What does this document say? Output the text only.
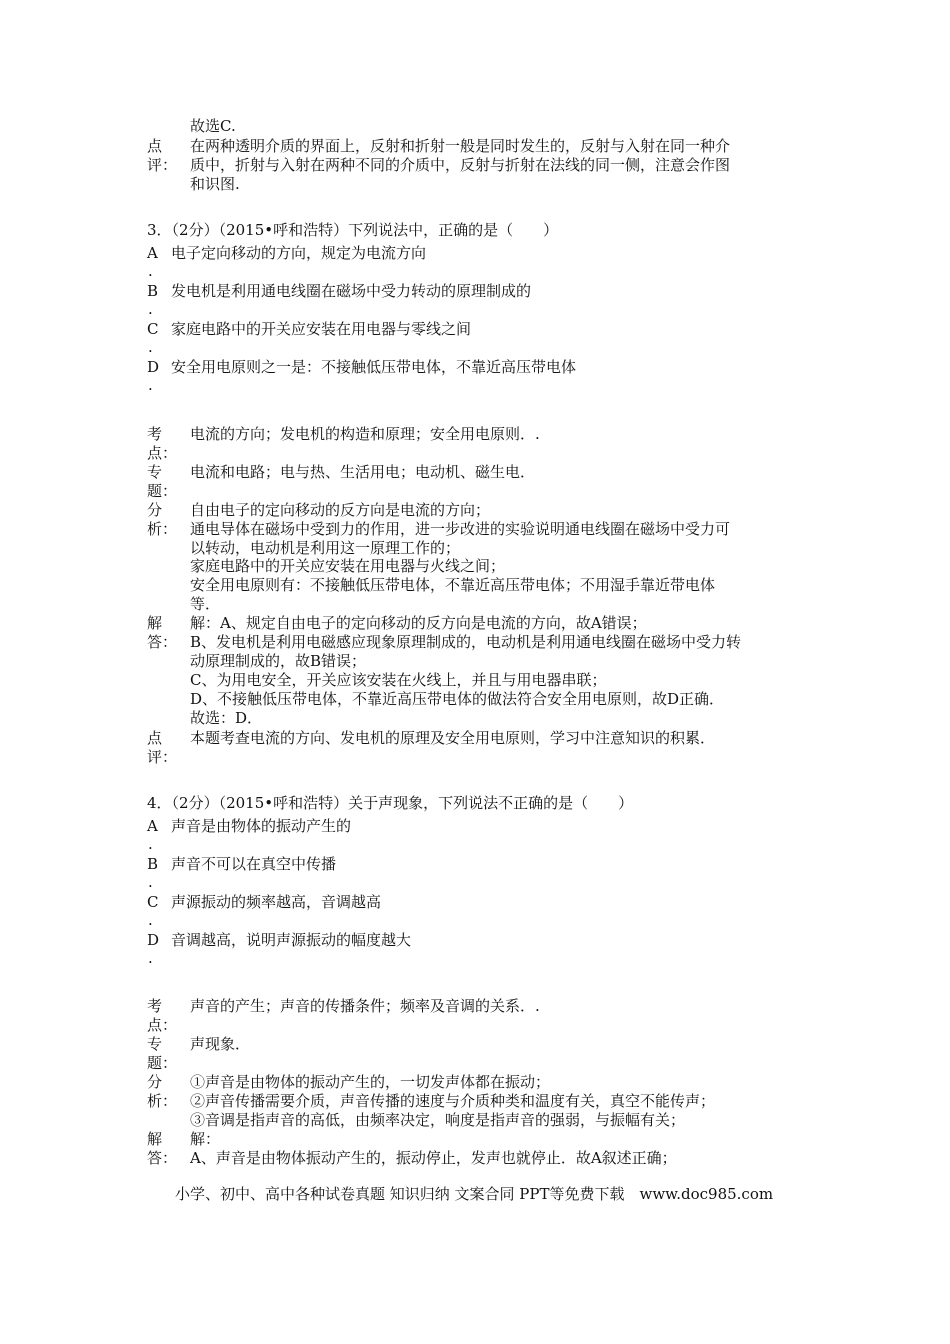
故选C.
点
评：
在两种透明介质的界面上，反射和折射一般是同时发生的，反射与入射在同一种介
质中，折射与入射在两种不同的介质中，反射与折射在法线的同一侧，注意会作图
和识图.
3．（2分）（2015•呼和浩特）下列说法中，正确的是（　　）
A 电子定向移动的方向，规定为电流方向
.
B 发电机是利用通电线圈在磁场中受力转动的原理制成的
.
C 家庭电路中的开关应安装在用电器与零线之间
.
D 安全用电原则之一是：不接触低压带电体，不靠近高压带电体
.
考
点：
电流的方向；发电机的构造和原理；安全用电原则．.
专
题：
电流和电路；电与热、生活用电；电动机、磁生电．
分
析：
自由电子的定向移动的反方向是电流的方向；
通电导体在磁场中受到力的作用，进一步改进的实验说明通电线圈在磁场中受力可
以转动，电动机是利用这一原理工作的；
家庭电路中的开关应安装在用电器与火线之间；
安全用电原则有：不接触低压带电体，不靠近高压带电体；不用湿手靠近带电体
等．
解
答：
解：A、规定自由电子的定向移动的反方向是电流的方向，故A错误；
B、发电机是利用电磁感应现象原理制成的，电动机是利用通电线圈在磁场中受力转
动原理制成的，故B错误；
C、为用电安全，开关应该安装在火线上，并且与用电器串联；
D、不接触低压带电体，不靠近高压带电体的做法符合安全用电原则，故D正确．
故选：D．
点
评：
本题考查电流的方向、发电机的原理及安全用电原则，学习中注意知识的积累．
4．（2分）（2015•呼和浩特）关于声现象，下列说法不正确的是（　　）
A 声音是由物体的振动产生的
.
B 声音不可以在真空中传播
.
C 声源振动的频率越高，音调越高
.
D 音调越高，说明声源振动的幅度越大
.
考
点：
声音的产生；声音的传播条件；频率及音调的关系．.
专
题：
声现象．
分
析：
①声音是由物体的振动产生的，一切发声体都在振动；
②声音传播需要介质，声音传播的速度与介质种类和温度有关，真空不能传声；
③音调是指声音的高低，由频率决定，响度是指声音的强弱，与振幅有关；
解
答：
解：
A、声音是由物体振动产生的，振动停止，发声也就停止．故A叙述正确；
小学、初中、高中各种试卷真题 知识归纳 文案合同 PPT等免费下载　www.doc985.com
